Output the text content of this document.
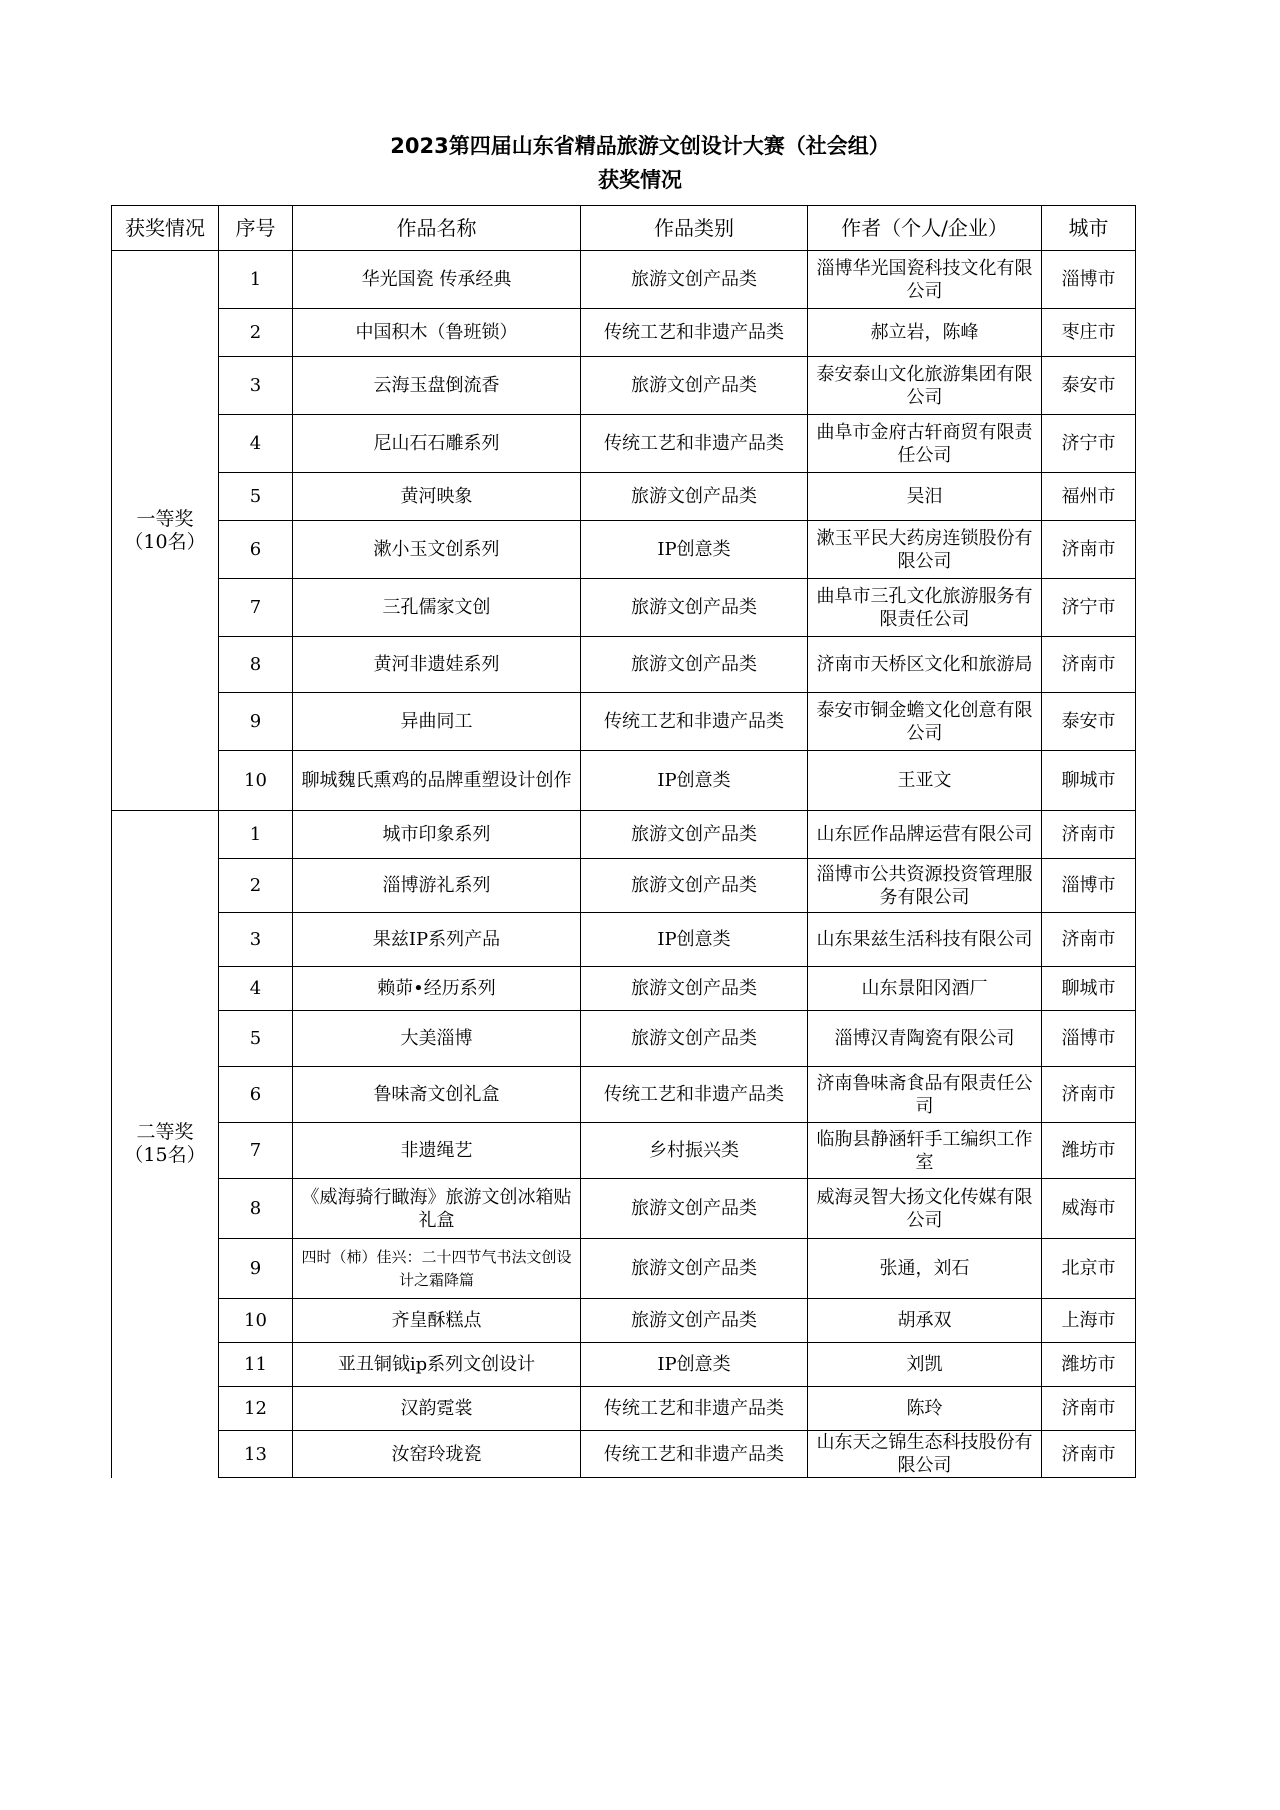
2023第四届山东省精品旅游文创设计大赛（社会组）
获奖情况
获奖情况	序号	作品名称	作品类别	作者（个人/企业）	城市

一等奖
（10名）	1	华光国瓷 传承经典	旅游文创产品类	淄博华光国瓷科技文化有限公司	淄博市
	2	中国积木（鲁班锁）	传统工艺和非遗产品类	郝立岩，陈峰	枣庄市
	3	云海玉盘倒流香	旅游文创产品类	泰安泰山文化旅游集团有限公司	泰安市
	4	尼山石石雕系列	传统工艺和非遗产品类	曲阜市金府古轩商贸有限责任公司	济宁市
	5	黄河映象	旅游文创产品类	吴汨	福州市
	6	漱小玉文创系列	IP创意类	漱玉平民大药房连锁股份有限公司	济南市
	7	三孔儒家文创	旅游文创产品类	曲阜市三孔文化旅游服务有限责任公司	济宁市
	8	黄河非遗娃系列	旅游文创产品类	济南市天桥区文化和旅游局	济南市
	9	异曲同工	传统工艺和非遗产品类	泰安市铜金蟾文化创意有限公司	泰安市
	10	聊城魏氏熏鸡的品牌重塑设计创作	IP创意类	王亚文	聊城市

二等奖
（15名）	1	城市印象系列	旅游文创产品类	山东匠作品牌运营有限公司	济南市
	2	淄博游礼系列	旅游文创产品类	淄博市公共资源投资管理服务有限公司	淄博市
	3	果兹IP系列产品	IP创意类	山东果兹生活科技有限公司	济南市
	4	赖茆•经历系列	旅游文创产品类	山东景阳冈酒厂	聊城市
	5	大美淄博	旅游文创产品类	淄博汉青陶瓷有限公司	淄博市
	6	鲁味斋文创礼盒	传统工艺和非遗产品类	济南鲁味斋食品有限责任公司	济南市
	7	非遗绳艺	乡村振兴类	临朐县静涵轩手工编织工作室	潍坊市
	8	《威海骑行瞰海》旅游文创冰箱贴礼盒	旅游文创产品类	威海灵智大扬文化传媒有限公司	威海市
	9	四时（柿）佳兴：二十四节气书法文创设计之霜降篇	旅游文创产品类	张通，刘石	北京市
	10	齐皇酥糕点	旅游文创产品类	胡承双	上海市
	11	亚丑铜钺ip系列文创设计	IP创意类	刘凯	潍坊市
	12	汉韵霓裳	传统工艺和非遗产品类	陈玲	济南市
	13	汝窑玲珑瓷	传统工艺和非遗产品类	山东天之锦生态科技股份有限公司	济南市
